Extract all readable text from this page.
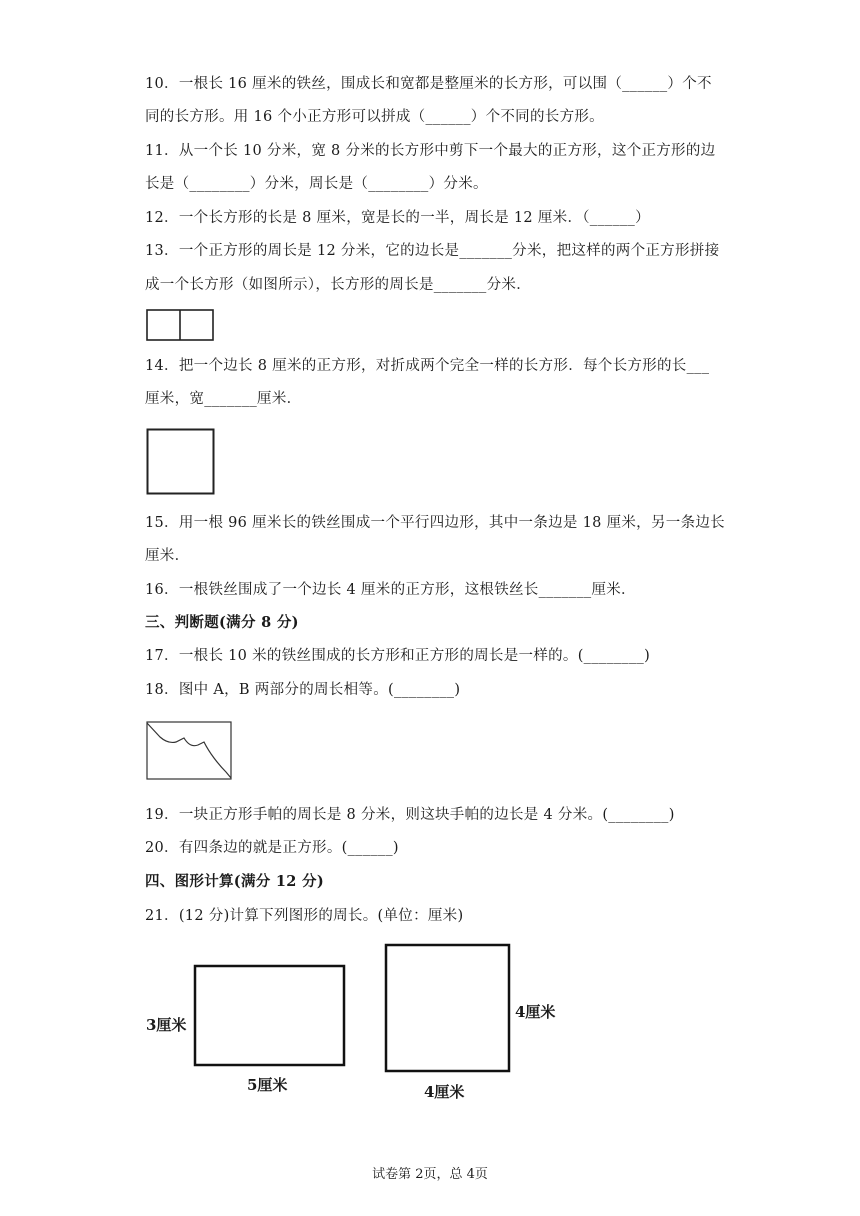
10．一根长 16 厘米的铁丝，围成长和宽都是整厘米的长方形，可以围（______）个不
同的长方形。用 16 个小正方形可以拼成（______）个不同的长方形。
11．从一个长 10 分米，宽 8 分米的长方形中剪下一个最大的正方形，这个正方形的边
长是（________）分米，周长是（________）分米。
12．一个长方形的长是 8 厘米，宽是长的一半，周长是 12 厘米．（______）
13．一个正方形的周长是 12 分米，它的边长是_______分米，把这样的两个正方形拼接
成一个长方形（如图所示），长方形的周长是_______分米．
14．把一个边长 8 厘米的正方形，对折成两个完全一样的长方形．每个长方形的长___
厘米，宽_______厘米．
15．用一根 96 厘米长的铁丝围成一个平行四边形，其中一条边是 18 厘米，另一条边长
厘米．
16．一根铁丝围成了一个边长 4 厘米的正方形，这根铁丝长_______厘米．
三、判断题(满分 8 分)
17．一根长 10 米的铁丝围成的长方形和正方形的周长是一样的。(________)
18．图中 A，B 两部分的周长相等。(________)
19．一块正方形手帕的周长是 8 分米，则这块手帕的边长是 4 分米。(________)
20．有四条边的就是正方形。(______)
四、图形计算(满分 12 分)
21．(12 分)计算下列图形的周长。(单位：厘米)
3厘米
5厘米
4厘米
4厘米
试卷第 2页，总 4页
